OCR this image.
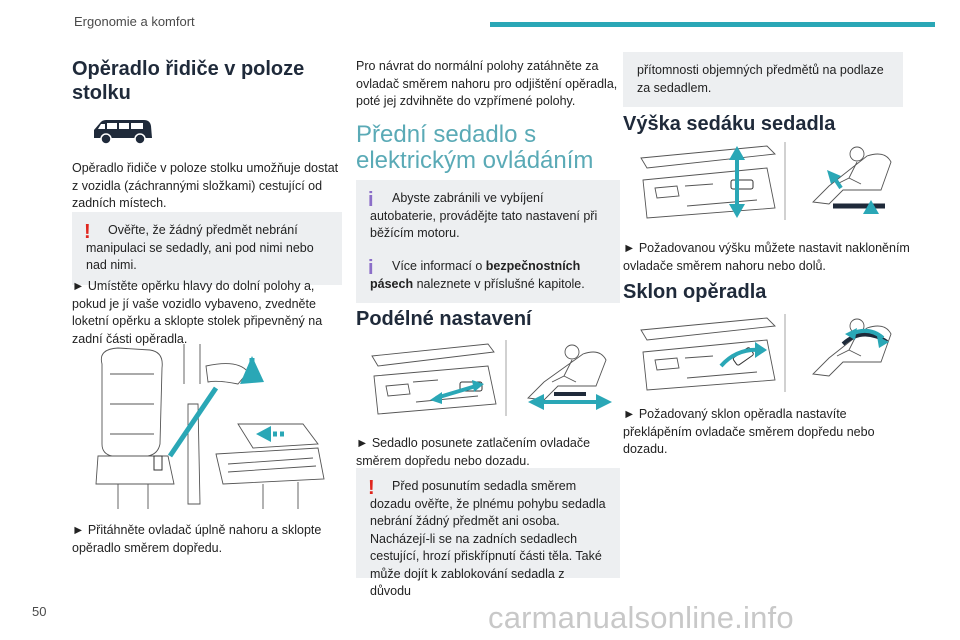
Ergonomie a komfort
50	carmanualsonline.info
Opěradlo řidiče v poloze stolku

Opěradlo řidiče v poloze stolku umožňuje dostat z vozidla (záchrannými složkami) cestující od zadních místech.

!	Ověřte, že žádný předmět nebrání manipulaci se sedadly, ani pod nimi nebo nad nimi.

► Umístěte opěrku hlavy do dolní polohy a, pokud je jí vaše vozidlo vybaveno, zvedněte loketní opěrku a sklopte stolek připevněný na zadní části opěradla.

► Přitáhněte ovladač úplně nahoru a sklopte opěradlo směrem dopředu.

Pro návrat do normální polohy zatáhněte za ovladač směrem nahoru pro odjištění opěradla, poté jej zdvihněte do vzpřímené polohy.

Přední sedadlo s elektrickým ovládáním
i	Abyste zabránili ve vybíjení autobaterie, provádějte tato nastavení při běžícím motoru.
i	Více informací o bezpečnostních pásech naleznete v příslušné kapitole.
Podélné nastavení

► Sedadlo posunete zatlačením ovladače směrem dopředu nebo dozadu.

!	Před posunutím sedadla směrem dozadu ověřte, že plnému pohybu sedadla nebrání žádný předmět ani osoba. Nacházejí-li se na zadních sedadlech cestující, hrozí přiskřípnutí části těla. Také může dojít k zablokování sedadla z důvodu
přítomnosti objemných předmětů na podlaze za sedadlem.
Výška sedáku sedadla

► Požadovanou výšku můžete nastavit nakloněním ovladače směrem nahoru nebo dolů.

Sklon opěradla

► Požadovaný sklon opěradla nastavíte překlápěním ovladače směrem dopředu nebo dozadu.
